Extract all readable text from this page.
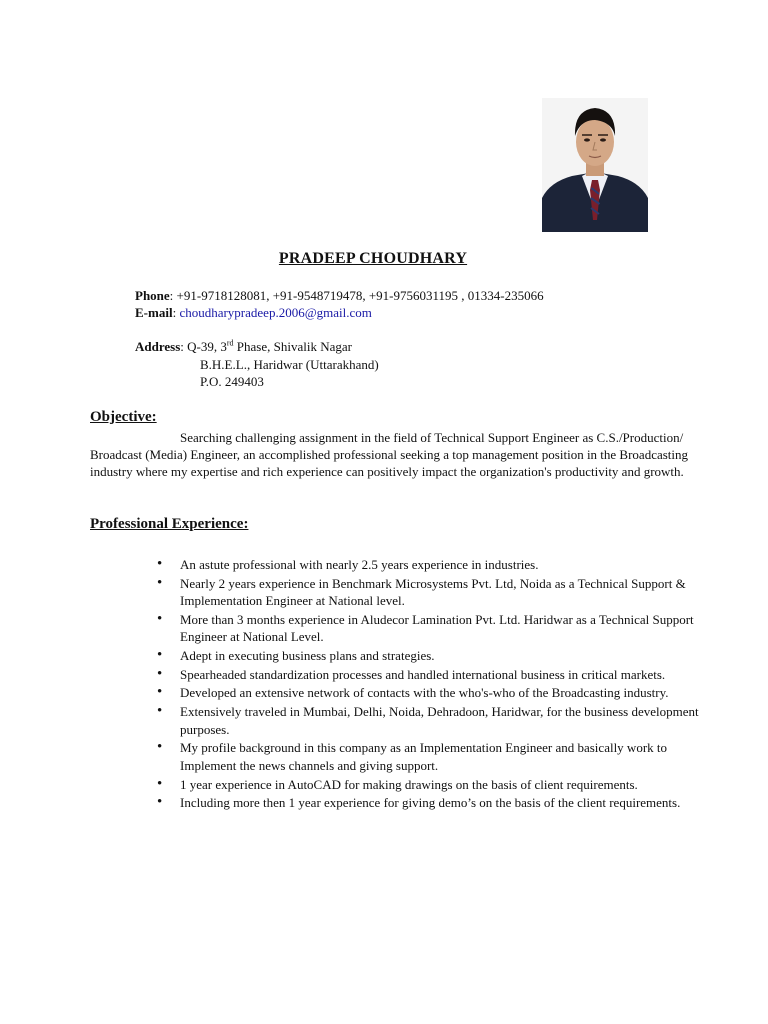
PRADEEP CHOUDHARY
Phone: +91-9718128081, +91-9548719478, +91-9756031195 , 01334-235066
E-mail: choudharypradeep.2006@gmail.com
Address: Q-39, 3rd Phase, Shivalik Nagar
B.H.E.L., Haridwar (Uttarakhand)
P.O. 249403
Objective:
Searching challenging assignment in the field of Technical Support Engineer as C.S./Production/ Broadcast (Media) Engineer, an accomplished professional seeking a top management position in the Broadcasting industry where my expertise and rich experience can positively impact the organization's productivity and growth.
Professional Experience:
• An astute professional with nearly 2.5 years experience in industries.
• Nearly 2 years experience in Benchmark Microsystems Pvt. Ltd, Noida as a Technical Support & Implementation Engineer at National level.
• More than 3 months experience in Aludecor Lamination Pvt. Ltd. Haridwar as a Technical Support Engineer at National Level.
• Adept in executing business plans and strategies.
• Spearheaded standardization processes and handled international business in critical markets.
• Developed an extensive network of contacts with the who's-who of the Broadcasting industry.
• Extensively traveled in Mumbai, Delhi, Noida, Dehradoon, Haridwar, for the business development purposes.
• My profile background in this company as an Implementation Engineer and basically work to Implement the news channels and giving support.
• 1 year experience in AutoCAD for making drawings on the basis of client requirements.
• Including more then 1 year experience for giving demo’s on the basis of the client requirements.
